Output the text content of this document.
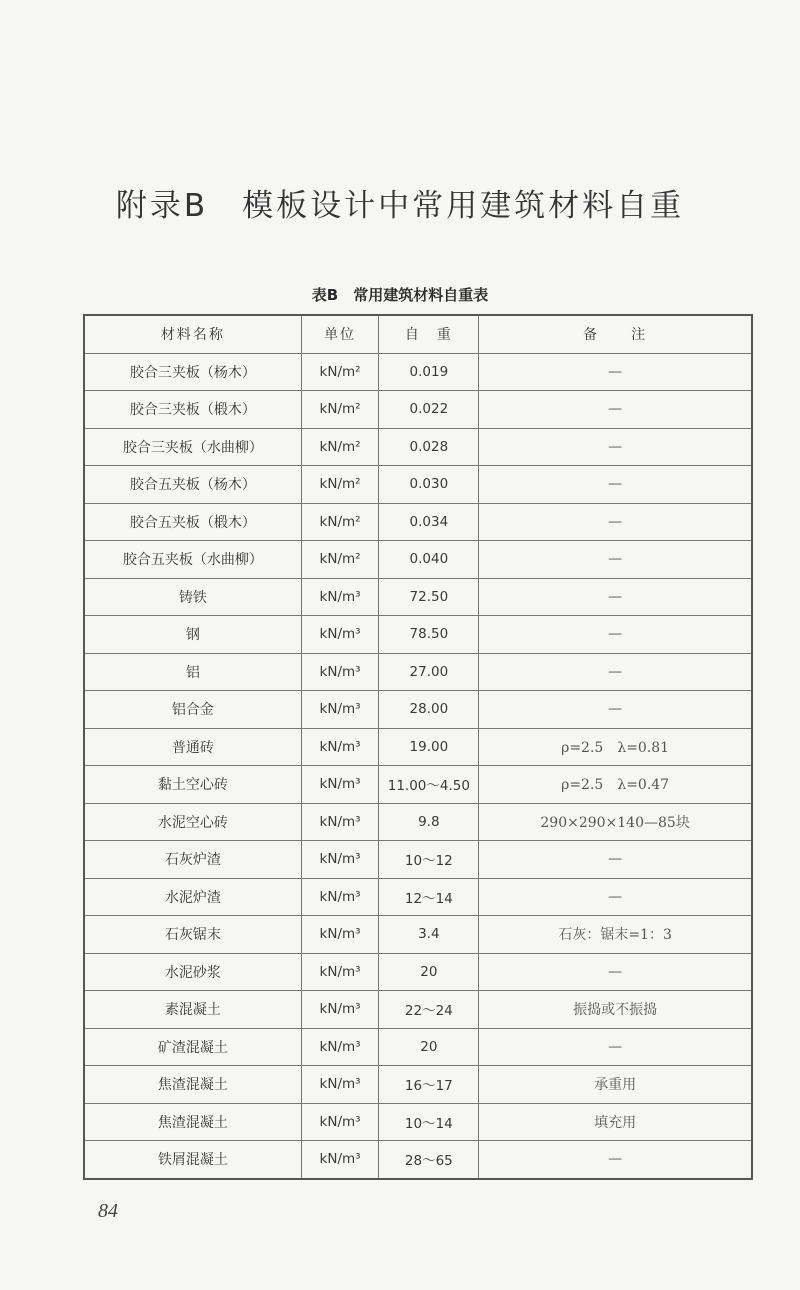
附录B　模板设计中常用建筑材料自重
表B　常用建筑材料自重表
材料名称	单位	自　重	备　　注
胶合三夹板（杨木）	kN/m²	0.019	—
胶合三夹板（椴木）	kN/m²	0.022	—
胶合三夹板（水曲柳）	kN/m²	0.028	—
胶合五夹板（杨木）	kN/m²	0.030	—
胶合五夹板（椴木）	kN/m²	0.034	—
胶合五夹板（水曲柳）	kN/m²	0.040	—
铸铁	kN/m³	72.50	—
钢	kN/m³	78.50	—
铝	kN/m³	27.00	—
铝合金	kN/m³	28.00	—
普通砖	kN/m³	19.00	ρ=2.5　λ=0.81
黏土空心砖	kN/m³	11.00～4.50	ρ=2.5　λ=0.47
水泥空心砖	kN/m³	9.8	290×290×140—85块
石灰炉渣	kN/m³	10～12	—
水泥炉渣	kN/m³	12～14	—
石灰锯末	kN/m³	3.4	石灰：锯末=1：3
水泥砂浆	kN/m³	20	—
素混凝土	kN/m³	22～24	振捣或不振捣
矿渣混凝土	kN/m³	20	—
焦渣混凝土	kN/m³	16～17	承重用
焦渣混凝土	kN/m³	10～14	填充用
铁屑混凝土	kN/m³	28～65	—
84
